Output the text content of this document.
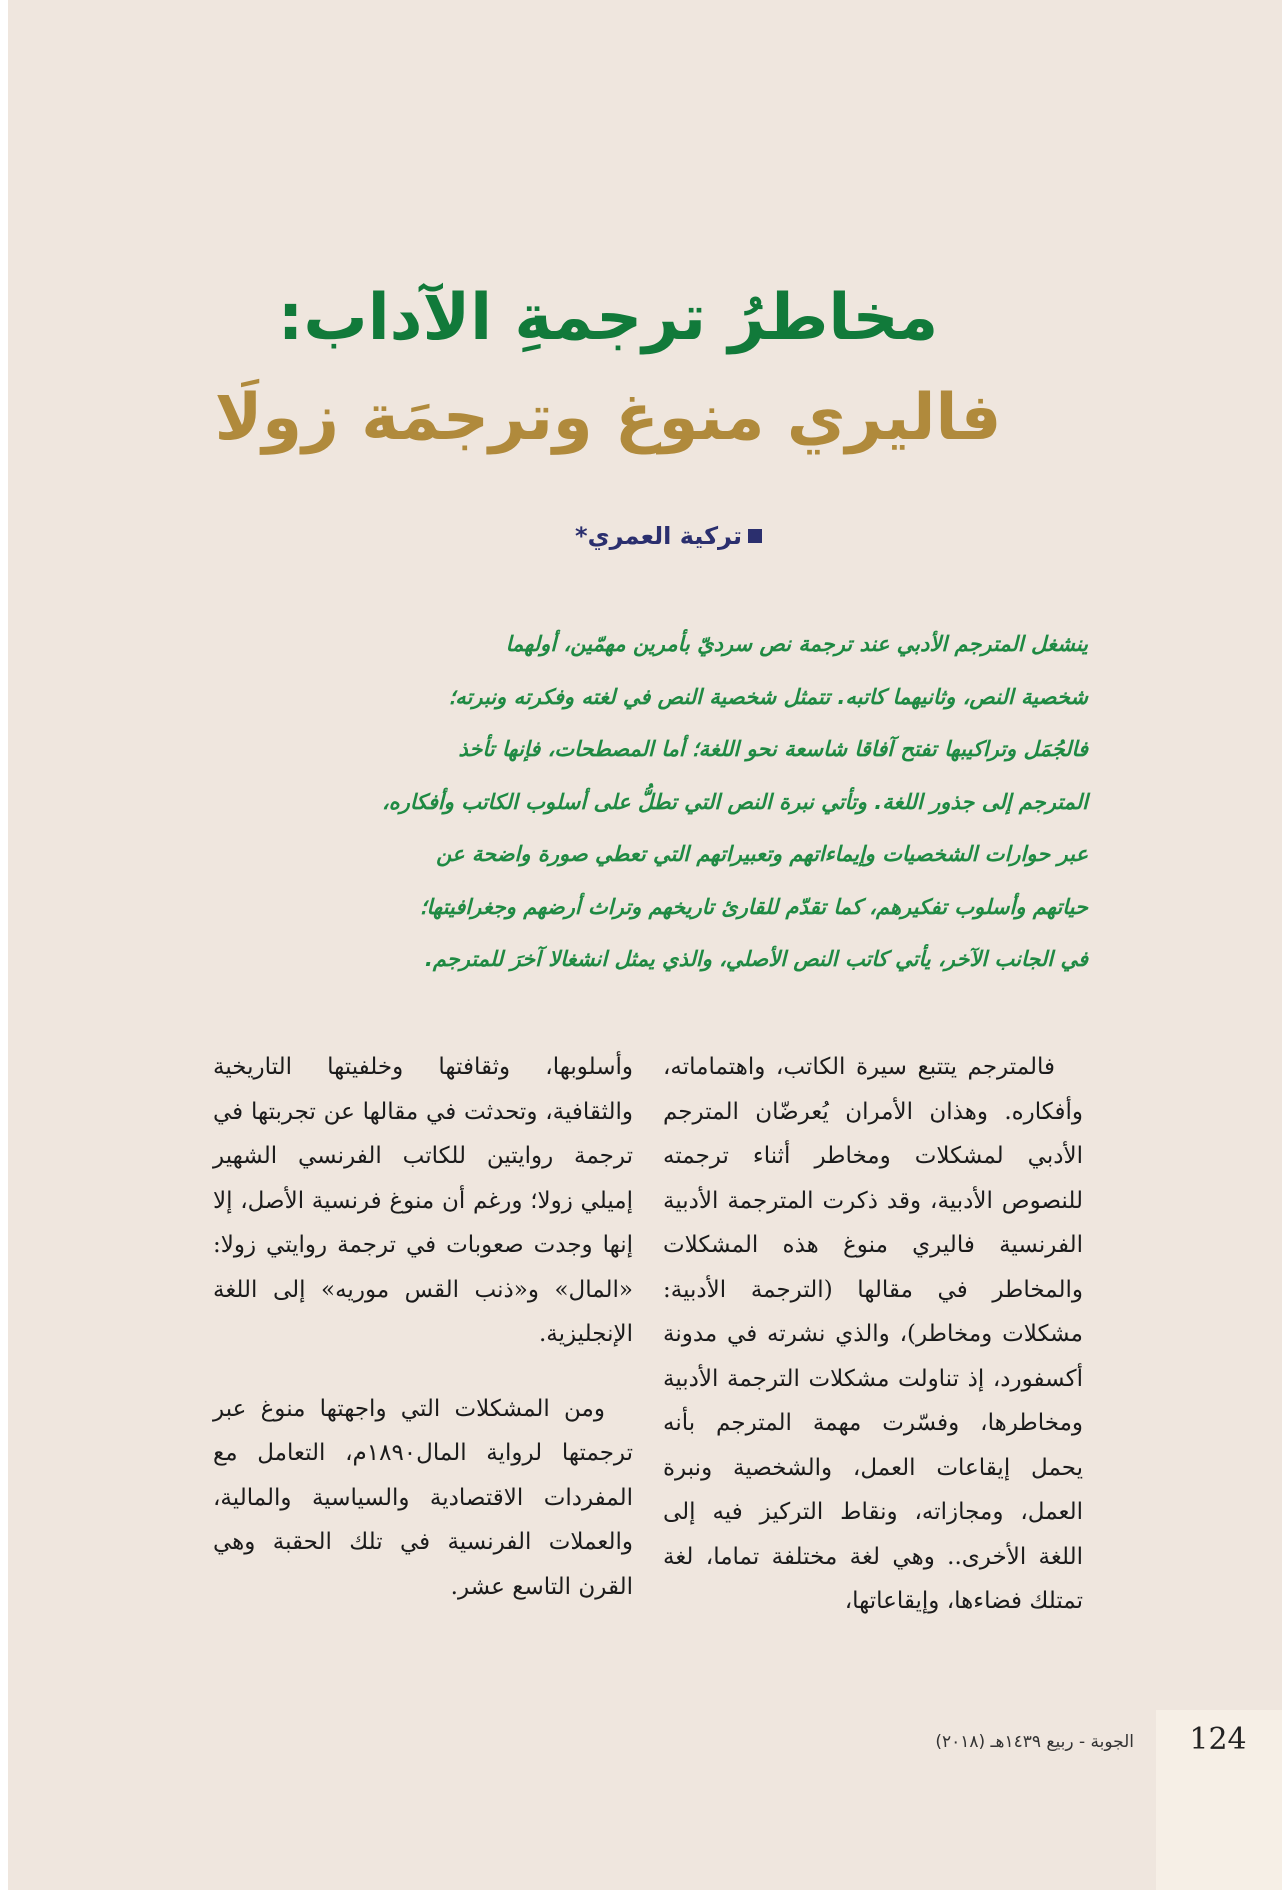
مخاطرُ ترجمةِ الآداب:
فاليري منوغ وترجمَة زولَا
تركية العمري*
ينشغل المترجم الأدبي عند ترجمة نص سرديّ بأمرين مهمّين، أولهما
شخصية النص، وثانيهما كاتبه. تتمثل شخصية النص في لغته وفكرته ونبرته؛
فالجُمَل وتراكيبها تفتح آفاقا شاسعة نحو اللغة؛ أما المصطحات، فإنها تأخذ
المترجم إلى جذور اللغة. وتأتي نبرة النص التي تطلُّ على أسلوب الكاتب وأفكاره،
عبر حوارات الشخصيات وإيماءاتهم وتعبيراتهم التي تعطي صورة واضحة عن
حياتهم وأسلوب تفكيرهم، كما تقدّم للقارئ تاريخهم وتراث أرضهم وجغرافيتها؛
في الجانب الآخر، يأتي كاتب النص الأصلي، والذي يمثل انشغالا آخرَ للمترجم.

فالمترجم يتتبع سيرة الكاتب، واهتماماته، وأفكاره. وهذان الأمران يُعرضّان المترجم الأدبي لمشكلات ومخاطر أثناء ترجمته للنصوص الأدبية، وقد ذكرت المترجمة الأدبية الفرنسية فاليري منوغ هذه المشكلات والمخاطر في مقالها (الترجمة الأدبية: مشكلات ومخاطر)، والذي نشرته في مدونة أكسفورد، إذ تناولت مشكلات الترجمة الأدبية ومخاطرها، وفسّرت مهمة المترجم بأنه يحمل إيقاعات العمل، والشخصية ونبرة العمل، ومجازاته، ونقاط التركيز فيه إلى اللغة الأخرى.. وهي لغة مختلفة تماما، لغة تمتلك فضاءها، وإيقاعاتها،

وأسلوبها، وثقافتها وخلفيتها التاريخية والثقافية، وتحدثت في مقالها عن تجربتها في ترجمة روايتين للكاتب الفرنسي الشهير إميلي زولا؛ ورغم أن منوغ فرنسية الأصل، إلا إنها وجدت صعوبات في ترجمة روايتي زولا: «المال» و«ذنب القس موريه» إلى اللغة الإنجليزية.

ومن المشكلات التي واجهتها منوغ عبر ترجمتها لرواية المال١٨٩٠م، التعامل مع المفردات الاقتصادية والسياسية والمالية، والعملات الفرنسية في تلك الحقبة وهي القرن التاسع عشر.

124
الجوبة - ربيع ١٤٣٩هـ (٢٠١٨)
